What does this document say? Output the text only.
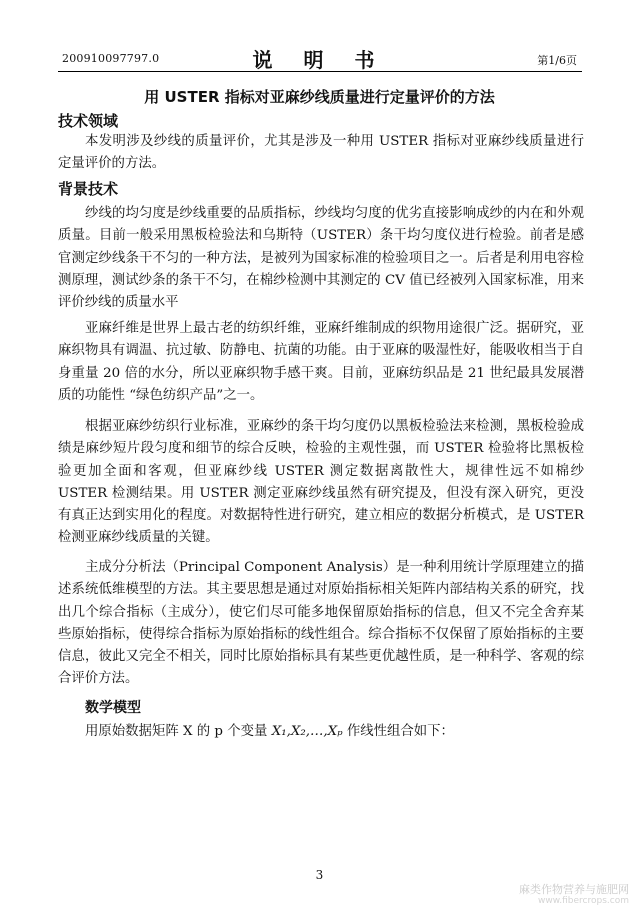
200910097797.0	说 明 书	第1/6页
用 USTER 指标对亚麻纱线质量进行定量评价的方法
技术领域

本发明涉及纱线的质量评价，尤其是涉及一种用 USTER 指标对亚麻纱线质量进行定量评价的方法。

背景技术

纱线的均匀度是纱线重要的品质指标，纱线均匀度的优劣直接影响成纱的内在和外观质量。目前一般采用黑板检验法和乌斯特（USTER）条干均匀度仪进行检验。前者是感官测定纱线条干不匀的一种方法，是被列为国家标准的检验项目之一。后者是利用电容检测原理，测试纱条的条干不匀，在棉纱检测中其测定的 CV 值已经被列入国家标准，用来评价纱线的质量水平

亚麻纤维是世界上最古老的纺织纤维，亚麻纤维制成的织物用途很广泛。据研究，亚麻织物具有调温、抗过敏、防静电、抗菌的功能。由于亚麻的吸湿性好，能吸收相当于自身重量 20 倍的水分，所以亚麻织物手感干爽。目前，亚麻纺织品是 21 世纪最具发展潜质的功能性 “绿色纺织产品”之一。

根据亚麻纱纺织行业标准，亚麻纱的条干均匀度仍以黑板检验法来检测，黑板检验成绩是麻纱短片段匀度和细节的综合反映，检验的主观性强，而 USTER 检验将比黑板检验更加全面和客观，但亚麻纱线 USTER 测定数据离散性大，规律性远不如棉纱 USTER 检测结果。用 USTER 测定亚麻纱线虽然有研究提及，但没有深入研究，更没有真正达到实用化的程度。对数据特性进行研究，建立相应的数据分析模式，是 USTER 检测亚麻纱线质量的关键。

主成分分析法（Principal Component Analysis）是一种利用统计学原理建立的描述系统低维模型的方法。其主要思想是通过对原始指标相关矩阵内部结构关系的研究，找出几个综合指标（主成分），使它们尽可能多地保留原始指标的信息，但又不完全舍弃某些原始指标，使得综合指标为原始指标的线性组合。综合指标不仅保留了原始指标的主要信息，彼此又完全不相关，同时比原始指标具有某些更优越性质，是一种科学、客观的综合评价方法。

数学模型
用原始数据矩阵 X 的 p 个变量 X₁,X₂,…,Xₚ 作线性组合如下：
3
麻类作物营养与施肥网
www.fibercrops.com
